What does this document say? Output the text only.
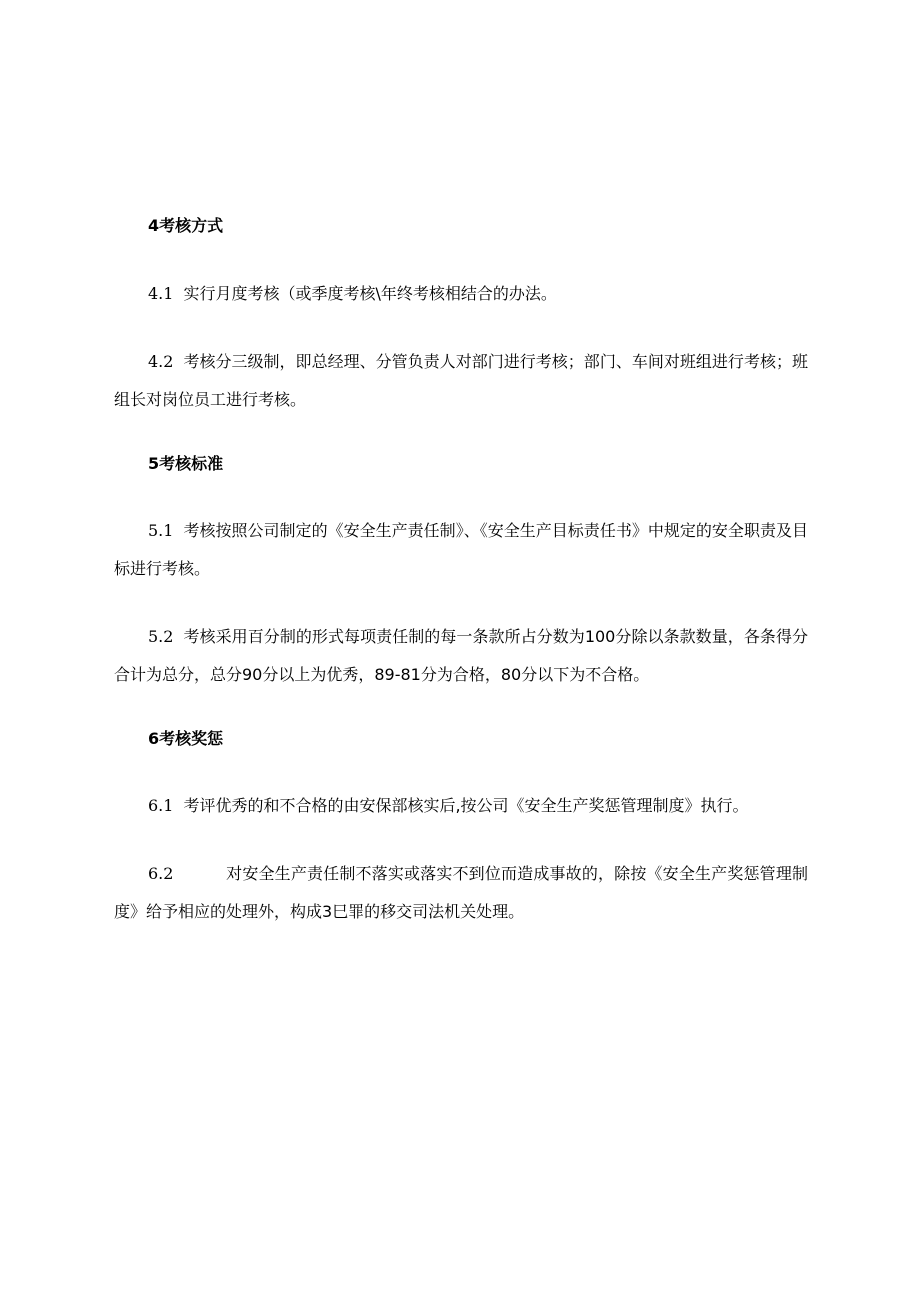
4考核方式
4.1 实行月度考核（或季度考核\年终考核相结合的办法。
4.2 考核分三级制，即总经理、分管负责人对部门进行考核；部门、车间对班组进行考核；班组长对岗位员工进行考核。
5考核标准
5.1 考核按照公司制定的《安全生产责任制》、《安全生产目标责任书》中规定的安全职责及目标进行考核。
5.2 考核采用百分制的形式每项责任制的每一条款所占分数为100分除以条款数量，各条得分合计为总分，总分90分以上为优秀，89-81分为合格，80分以下为不合格。
6考核奖惩
6.1 考评优秀的和不合格的由安保部核实后,按公司《安全生产奖惩管理制度》执行。
6.2	对安全生产责任制不落实或落实不到位而造成事故的，除按《安全生产奖惩管理制度》给予相应的处理外，构成3巳罪的移交司法机关处理。
